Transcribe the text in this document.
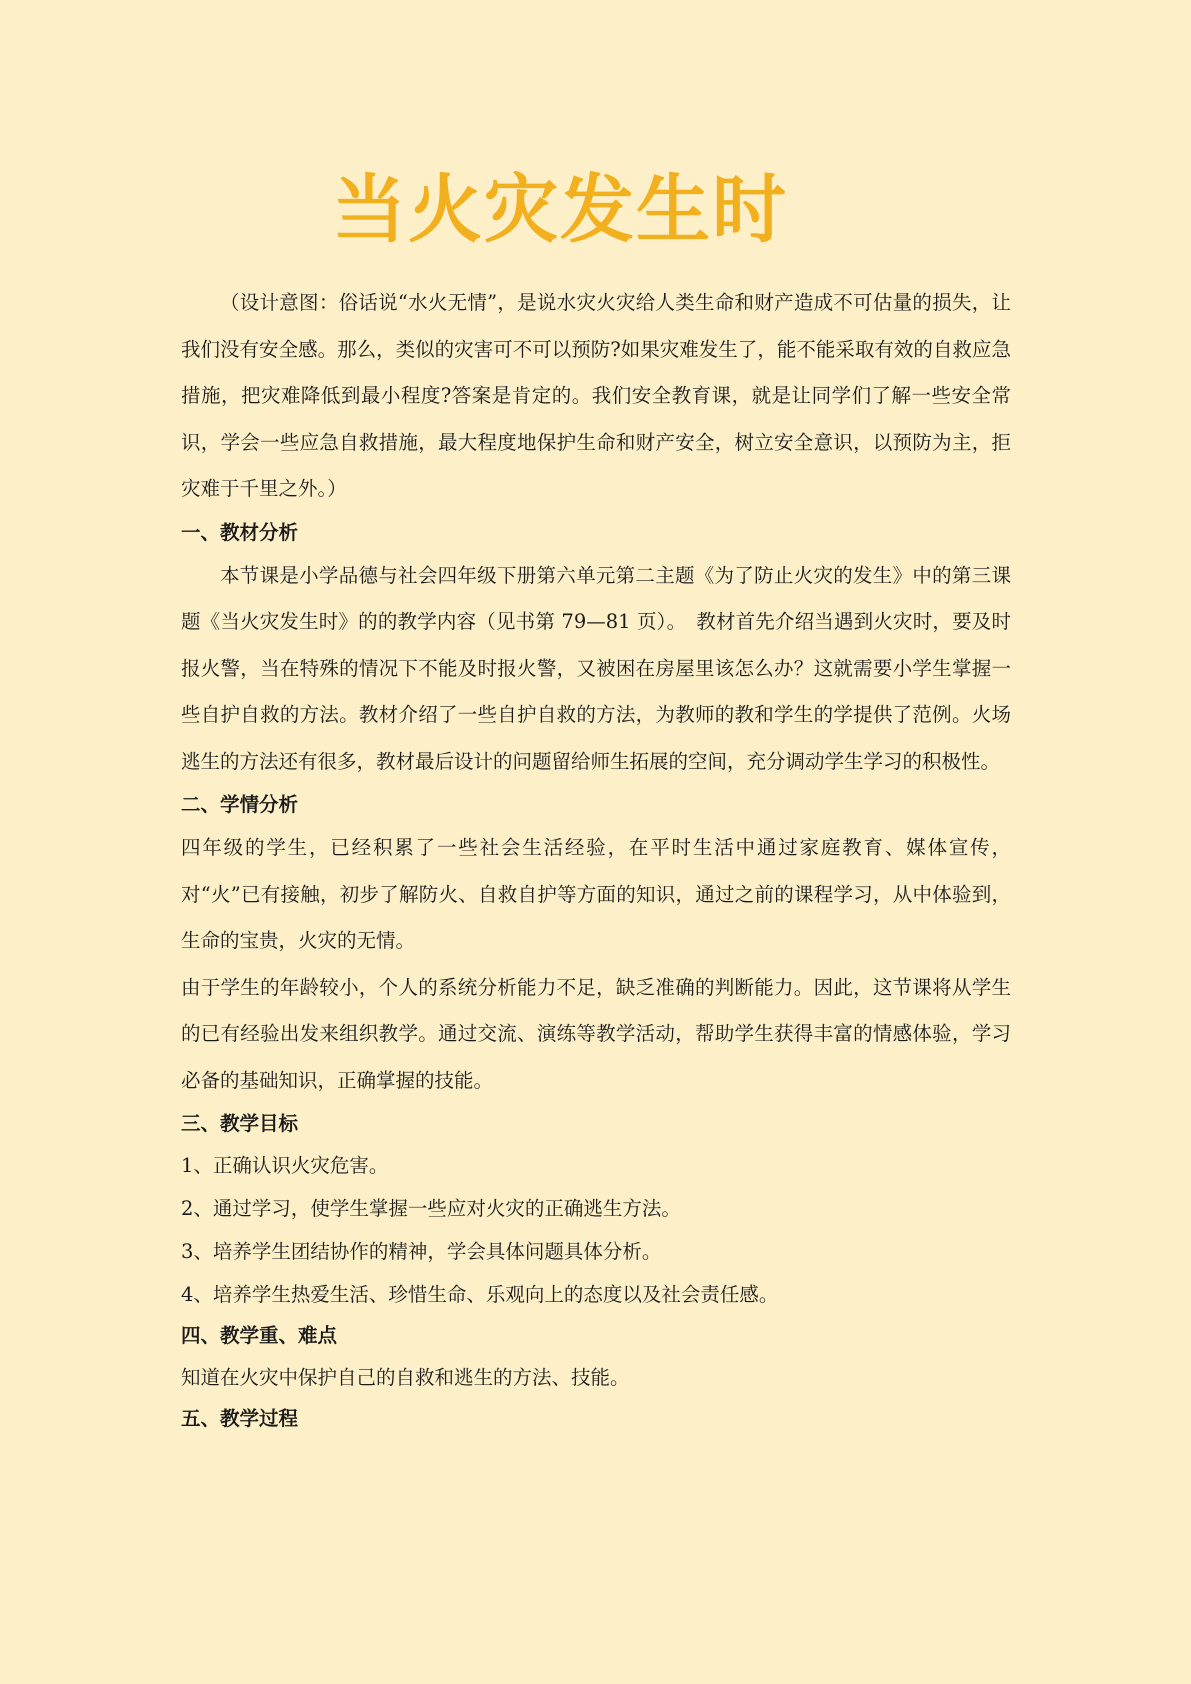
当火灾发生时

（设计意图：俗话说“水火无情”，是说水灾火灾给人类生命和财产造成不可估量的损失，让我们没有安全感。那么，类似的灾害可不可以预防?如果灾难发生了，能不能采取有效的自救应急措施，把灾难降低到最小程度?答案是肯定的。我们安全教育课，就是让同学们了解一些安全常识，学会一些应急自救措施，最大程度地保护生命和财产安全，树立安全意识，以预防为主，拒灾难于千里之外。）

一、教材分析

本节课是小学品德与社会四年级下册第六单元第二主题《为了防止火灾的发生》中的第三课题《当火灾发生时》的的教学内容（见书第 79—81 页）。　教材首先介绍当遇到火灾时，要及时报火警，当在特殊的情况下不能及时报火警，又被困在房屋里该怎么办？这就需要小学生掌握一些自护自救的方法。教材介绍了一些自护自救的方法，为教师的教和学生的学提供了范例。火场逃生的方法还有很多，教材最后设计的问题留给师生拓展的空间，充分调动学生学习的积极性。

二、学情分析

四年级的学生，已经积累了一些社会生活经验，在平时生活中通过家庭教育、媒体宣传，对“火”已有接触，初步了解防火、自救自护等方面的知识，通过之前的课程学习，从中体验到，生命的宝贵，火灾的无情。

由于学生的年龄较小，个人的系统分析能力不足，缺乏准确的判断能力。因此，这节课将从学生的已有经验出发来组织教学。通过交流、演练等教学活动，帮助学生获得丰富的情感体验，学习必备的基础知识，正确掌握的技能。

三、教学目标

1、正确认识火灾危害。

2、通过学习，使学生掌握一些应对火灾的正确逃生方法。

3、培养学生团结协作的精神，学会具体问题具体分析。

4、培养学生热爱生活、珍惜生命、乐观向上的态度以及社会责任感。

四、教学重、难点

知道在火灾中保护自己的自救和逃生的方法、技能。

五、教学过程
